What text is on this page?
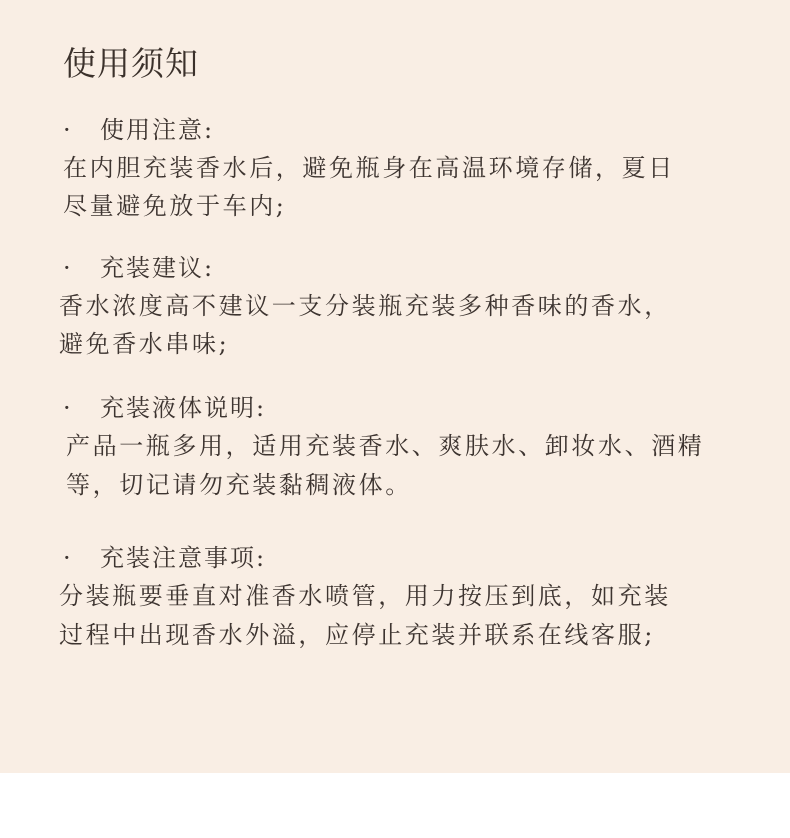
使用须知
· 使用注意:
在内胆充装香水后，避免瓶身在高温环境存储，夏日
尽量避免放于车内;
· 充装建议:
香水浓度高不建议一支分装瓶充装多种香味的香水，
避免香水串味;
· 充装液体说明:
产品一瓶多用，适用充装香水、爽肤水、卸妆水、酒精
等，切记请勿充装黏稠液体。
· 充装注意事项:
分装瓶要垂直对准香水喷管，用力按压到底，如充装
过程中出现香水外溢，应停止充装并联系在线客服;
